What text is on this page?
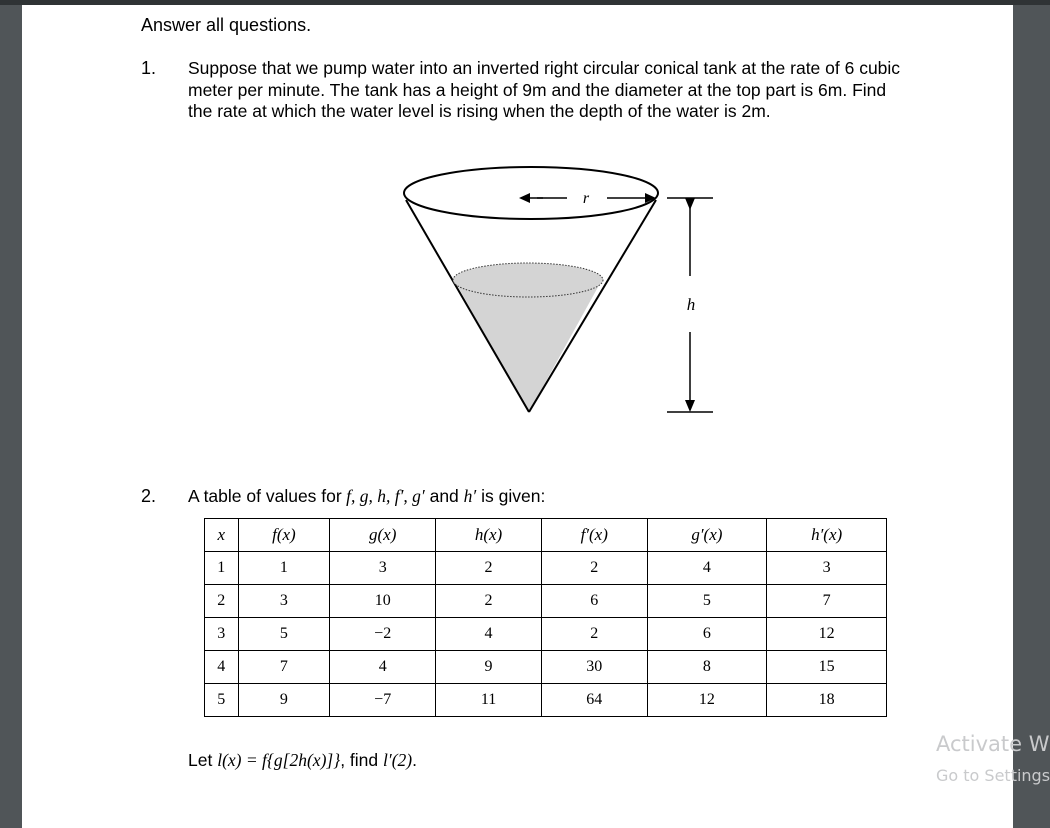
Answer all questions.
1. Suppose that we pump water into an inverted right circular conical tank at the rate of 6 cubic meter per minute. The tank has a height of 9m and the diameter at the top part is 6m. Find the rate at which the water level is rising when the depth of the water is 2m.
r
h
2. A table of values for f, g, h, f′, g′ and h′ is given:
x	f(x)	g(x)	h(x)	f′(x)	g′(x)	h′(x)
1	1	3	2	2	4	3
2	3	10	2	6	5	7
3	5	−2	4	2	6	12
4	7	4	9	30	8	15
5	9	−7	11	64	12	18
Let l(x) = f{g[2h(x)]}, find l′(2).
Activate W
Go to Settings
